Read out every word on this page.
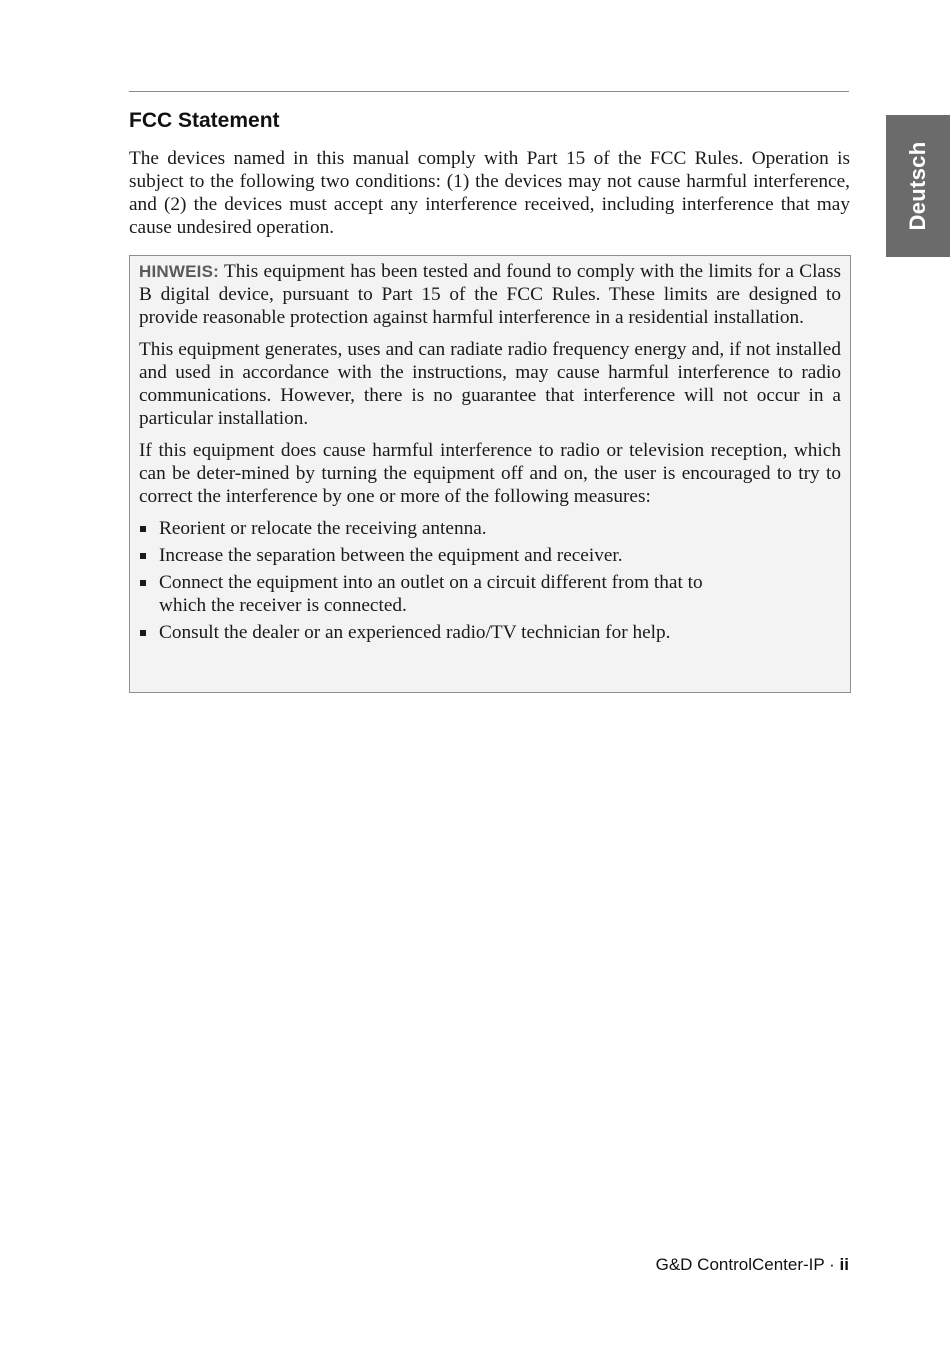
Deutsch
FCC Statement

The devices named in this manual comply with Part 15 of the FCC Rules. Operation is subject to the following two conditions: (1) the devices may not cause harmful interference, and (2) the devices must accept any interference received, including interference that may cause undesired operation.

HINWEIS: This equipment has been tested and found to comply with the limits for a Class B digital device, pursuant to Part 15 of the FCC Rules. These limits are designed to provide reasonable protection against harmful interference in a residential installation.

This equipment generates, uses and can radiate radio frequency energy and, if not installed and used in accordance with the instructions, may cause harmful interference to radio communications. However, there is no guarantee that interference will not occur in a particular installation.

If this equipment does cause harmful interference to radio or television reception, which can be deter-mined by turning the equipment off and on, the user is encouraged to try to correct the interference by one or more of the following measures:

Reorient or relocate the receiving antenna.
Increase the separation between the equipment and receiver.
Connect the equipment into an outlet on a circuit different from that to which the receiver is connected.
Consult the dealer or an experienced radio/TV technician for help.
G&D ControlCenter-IP · ii
